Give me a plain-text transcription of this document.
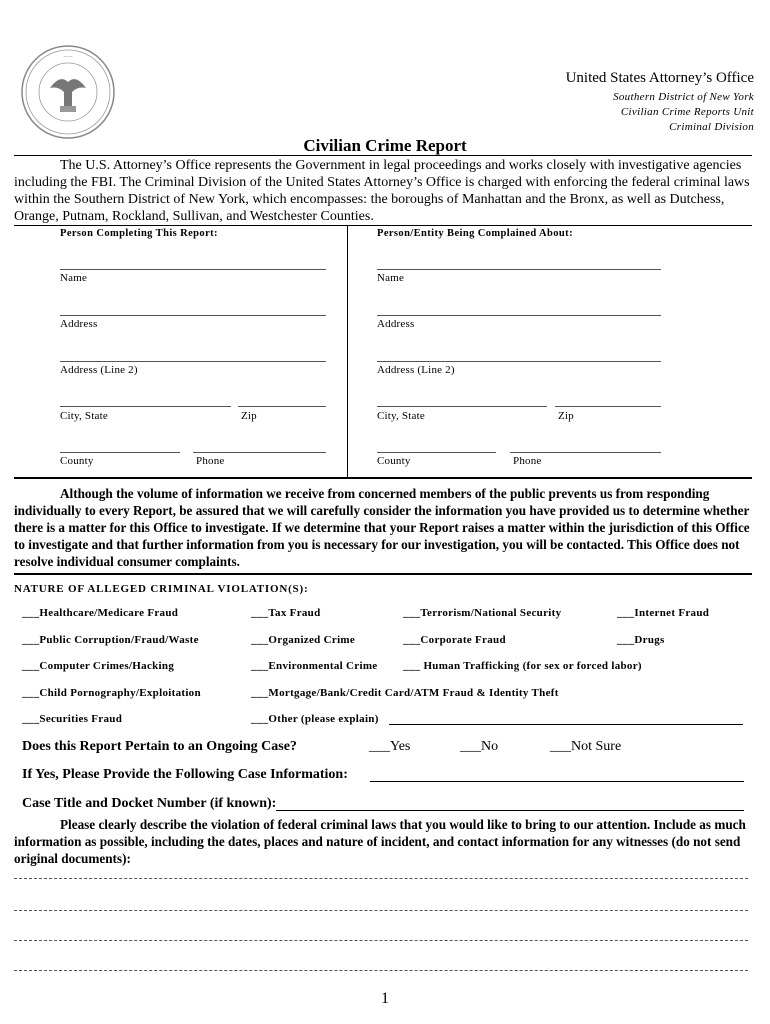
·····
United States Attorney’s Office
Southern District of New York
Civilian Crime Reports Unit
Criminal Division
Civilian Crime Report

The U.S. Attorney’s Office represents the Government in legal proceedings and works closely with investigative agencies including the FBI. The Criminal Division of the United States Attorney’s Office is charged with enforcing the federal criminal laws within the Southern District of New York, which encompasses: the boroughs of Manhattan and the Bronx, as well as Dutchess, Orange, Putnam, Rockland, Sullivan, and Westchester Counties.

Person Completing This Report:
Name
Address
Address (Line 2)
City, State	Zip
County	Phone
Person/Entity Being Complained About:
Name
Address
Address (Line 2)
City, State	Zip
County	Phone

Although the volume of information we receive from concerned members of the public prevents us from responding individually to every Report, be assured that we will carefully consider the information you have provided us to determine whether there is a matter for this Office to investigate. If we determine that your Report raises a matter within the jurisdiction of this Office to investigate and that further information from you is necessary for our investigation, you will be contacted. This Office does not resolve individual consumer complaints.

NATURE OF ALLEGED CRIMINAL VIOLATION(S):
___Healthcare/Medicare Fraud	___Tax Fraud	___Terrorism/National Security	___Internet Fraud
___Public Corruption/Fraud/Waste	___Organized Crime	___Corporate Fraud	___Drugs
___Computer Crimes/Hacking	___Environmental Crime ___ Human Trafficking (for sex or forced labor)
___Child Pornography/Exploitation	___Mortgage/Bank/Credit Card/ATM Fraud & Identity Theft
___Securities Fraud	___Other (please explain)
Does this Report Pertain to an Ongoing Case?	___Yes	___No	___Not Sure
If Yes, Please Provide the Following Case Information:
Case Title and Docket Number (if known):

Please clearly describe the violation of federal criminal laws that you would like to bring to our attention. Include as much information as possible, including the dates, places and nature of incident, and contact information for any witnesses (do not send original documents):

1
